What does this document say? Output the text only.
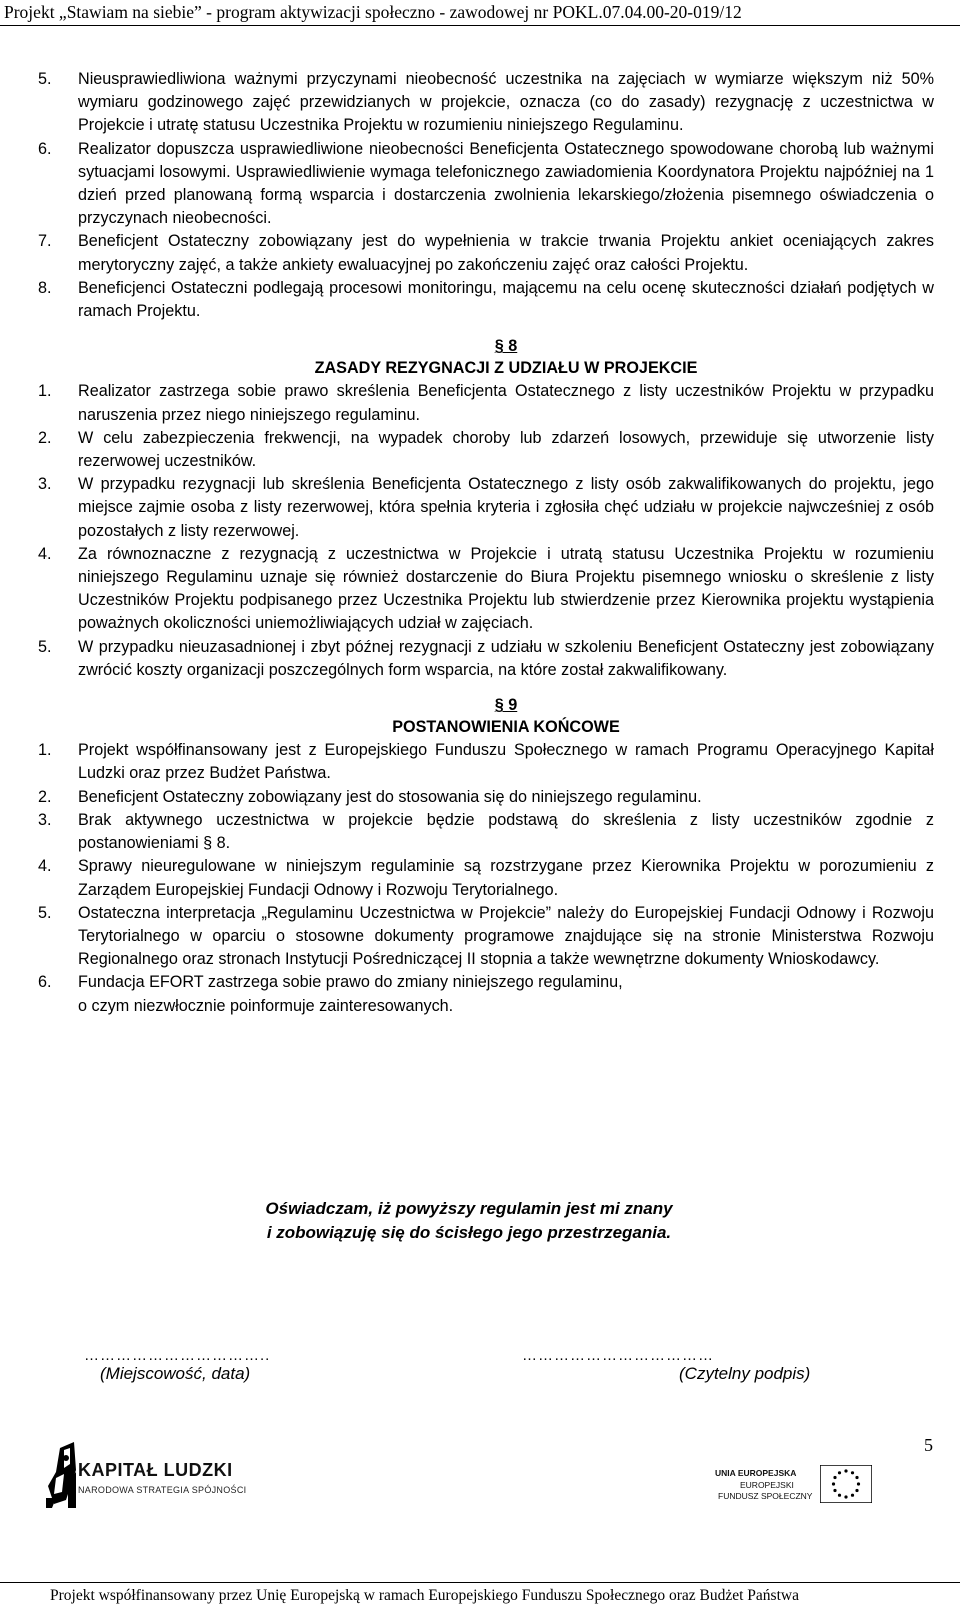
Projekt „Stawiam na siebie” - program aktywizacji społeczno - zawodowej nr POKL.07.04.00-20-019/12
5. Nieusprawiedliwiona ważnymi przyczynami nieobecność uczestnika na zajęciach w wymiarze większym niż 50% wymiaru godzinowego zajęć przewidzianych w projekcie, oznacza (co do zasady) rezygnację z uczestnictwa w Projekcie i utratę statusu Uczestnika Projektu w rozumieniu niniejszego Regulaminu.
6. Realizator dopuszcza usprawiedliwione nieobecności Beneficjenta Ostatecznego spowodowane chorobą lub ważnymi sytuacjami losowymi. Usprawiedliwienie wymaga telefonicznego zawiadomienia Koordynatora Projektu najpóźniej na 1 dzień przed planowaną formą wsparcia i dostarczenia zwolnienia lekarskiego/złożenia pisemnego oświadczenia o przyczynach nieobecności.
7. Beneficjent Ostateczny zobowiązany jest do wypełnienia w trakcie trwania Projektu ankiet oceniających zakres merytoryczny zajęć, a także ankiety ewaluacyjnej po zakończeniu zajęć oraz całości Projektu.
8. Beneficjenci Ostateczni podlegają procesowi monitoringu, mającemu na celu ocenę skuteczności działań podjętych w ramach Projektu.
§ 8
ZASADY REZYGNACJI Z UDZIAŁU W PROJEKCIE
1. Realizator zastrzega sobie prawo skreślenia Beneficjenta Ostatecznego z listy uczestników Projektu w przypadku naruszenia przez niego niniejszego regulaminu.
2. W celu zabezpieczenia frekwencji, na wypadek choroby lub zdarzeń losowych, przewiduje się utworzenie listy rezerwowej uczestników.
3. W przypadku rezygnacji lub skreślenia Beneficjenta Ostatecznego z listy osób zakwalifikowanych do projektu, jego miejsce zajmie osoba z listy rezerwowej, która spełnia kryteria i zgłosiła chęć udziału w projekcie najwcześniej z osób pozostałych z listy rezerwowej.
4. Za równoznaczne z rezygnacją z uczestnictwa w Projekcie i utratą statusu Uczestnika Projektu w rozumieniu niniejszego Regulaminu uznaje się również dostarczenie do Biura Projektu pisemnego wniosku o skreślenie z listy Uczestników Projektu podpisanego przez Uczestnika Projektu lub stwierdzenie przez Kierownika projektu wystąpienia poważnych okoliczności uniemożliwiających udział w zajęciach.
5. W przypadku nieuzasadnionej i zbyt późnej rezygnacji z udziału w szkoleniu Beneficjent Ostateczny jest zobowiązany zwrócić koszty organizacji poszczególnych form wsparcia, na które został zakwalifikowany.
§ 9
POSTANOWIENIA KOŃCOWE
1. Projekt współfinansowany jest z Europejskiego Funduszu Społecznego w ramach Programu Operacyjnego Kapitał Ludzki oraz przez Budżet Państwa.
2. Beneficjent Ostateczny zobowiązany jest do stosowania się do niniejszego regulaminu.
3. Brak aktywnego uczestnictwa w projekcie będzie podstawą do skreślenia z listy uczestników zgodnie z postanowieniami § 8.
4. Sprawy nieuregulowane w niniejszym regulaminie są rozstrzygane przez Kierownika Projektu w porozumieniu z Zarządem Europejskiej Fundacji Odnowy i Rozwoju Terytorialnego.
5. Ostateczna interpretacja „Regulaminu Uczestnictwa w Projekcie” należy do Europejskiej Fundacji Odnowy i Rozwoju Terytorialnego w oparciu o stosowne dokumenty programowe znajdujące się na stronie Ministerstwa Rozwoju Regionalnego oraz stronach Instytucji Pośredniczącej II stopnia a także wewnętrzne dokumenty Wnioskodawcy.
6. Fundacja EFORT zastrzega sobie prawo do zmiany niniejszego regulaminu,
o czym niezwłocznie poinformuje zainteresowanych.
Oświadczam, iż powyższy regulamin jest mi znany
i zobowiązuję się do ścisłego jego przestrzegania.
……………………………..
(Miejscowość, data)
………………………………
(Czytelny podpis)
5
KAPITAŁ LUDZKI
NARODOWA STRATEGIA SPÓJNOŚCI
UNIA EUROPEJSKA
EUROPEJSKI
FUNDUSZ SPOŁECZNY
Projekt współfinansowany przez Unię Europejską w ramach Europejskiego Funduszu Społecznego oraz Budżet Państwa
